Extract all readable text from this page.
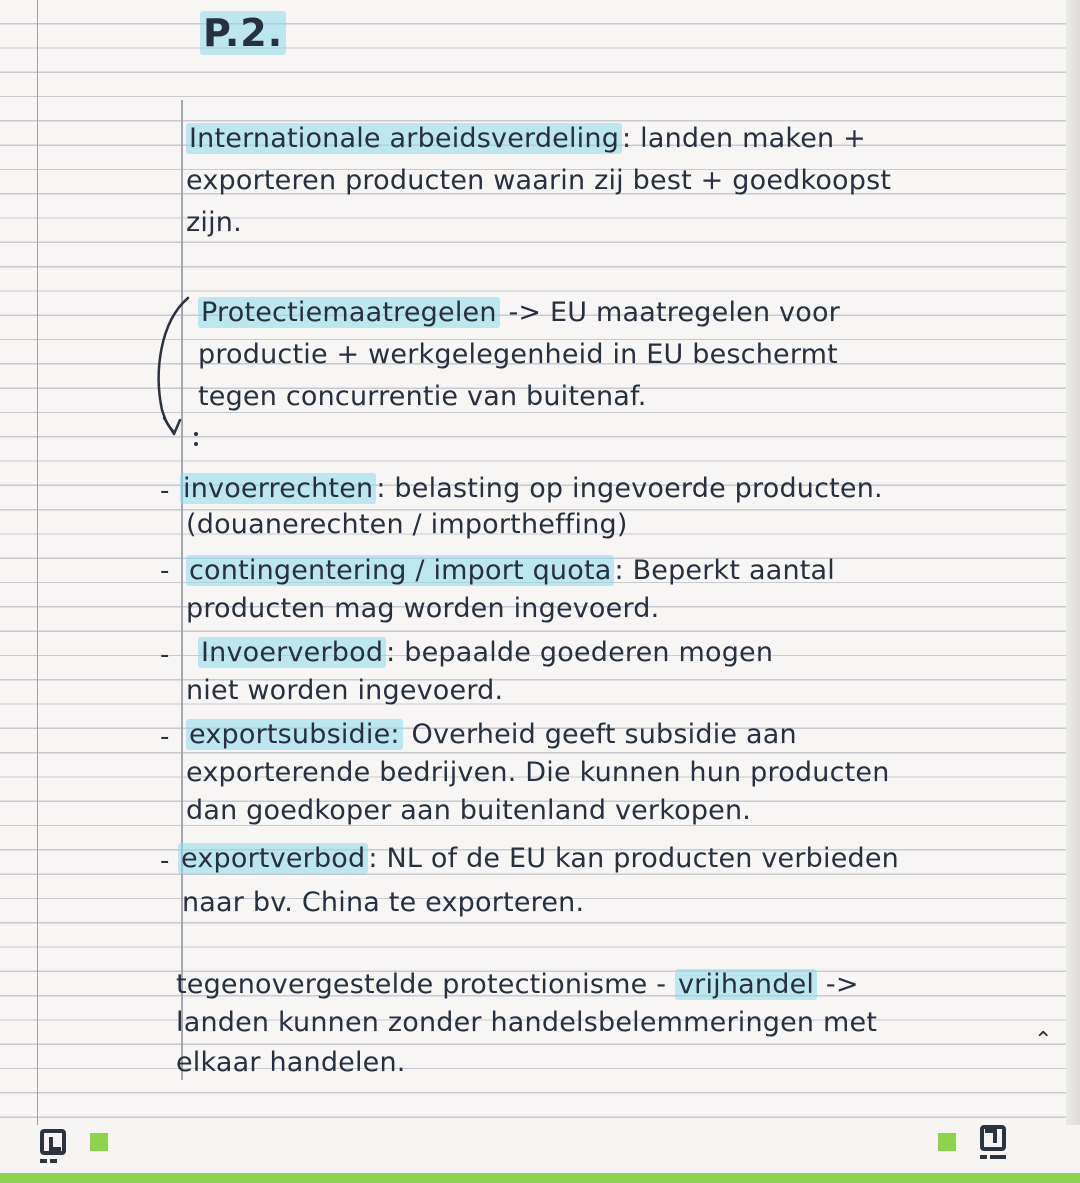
P.2.
Internationale arbeidsverdeling : landen maken +
exporteren producten waarin zij best + goedkoopst
zijn.
Protectiemaatregelen -> EU maatregelen voor
productie + werkgelegenheid in EU beschermt
tegen concurrentie van buitenaf.
- invoerrechten : belasting op ingevoerde producten.
(douanerechten / importheffing)
- contingentering / import quota : Beperkt aantal
producten mag worden ingevoerd.
- Invoerverbod : bepaalde goederen mogen
niet worden ingevoerd.
- exportsubsidie: Overheid geeft subsidie aan
exporterende bedrijven. Die kunnen hun producten
dan goedkoper aan buitenland verkopen.
- exportverbod : NL of de EU kan producten verbieden
naar bv. China te exporteren.
tegenovergestelde protectionisme - vrijhandel ->
landen kunnen zonder handelsbelemmeringen met
elkaar handelen.
⌃
